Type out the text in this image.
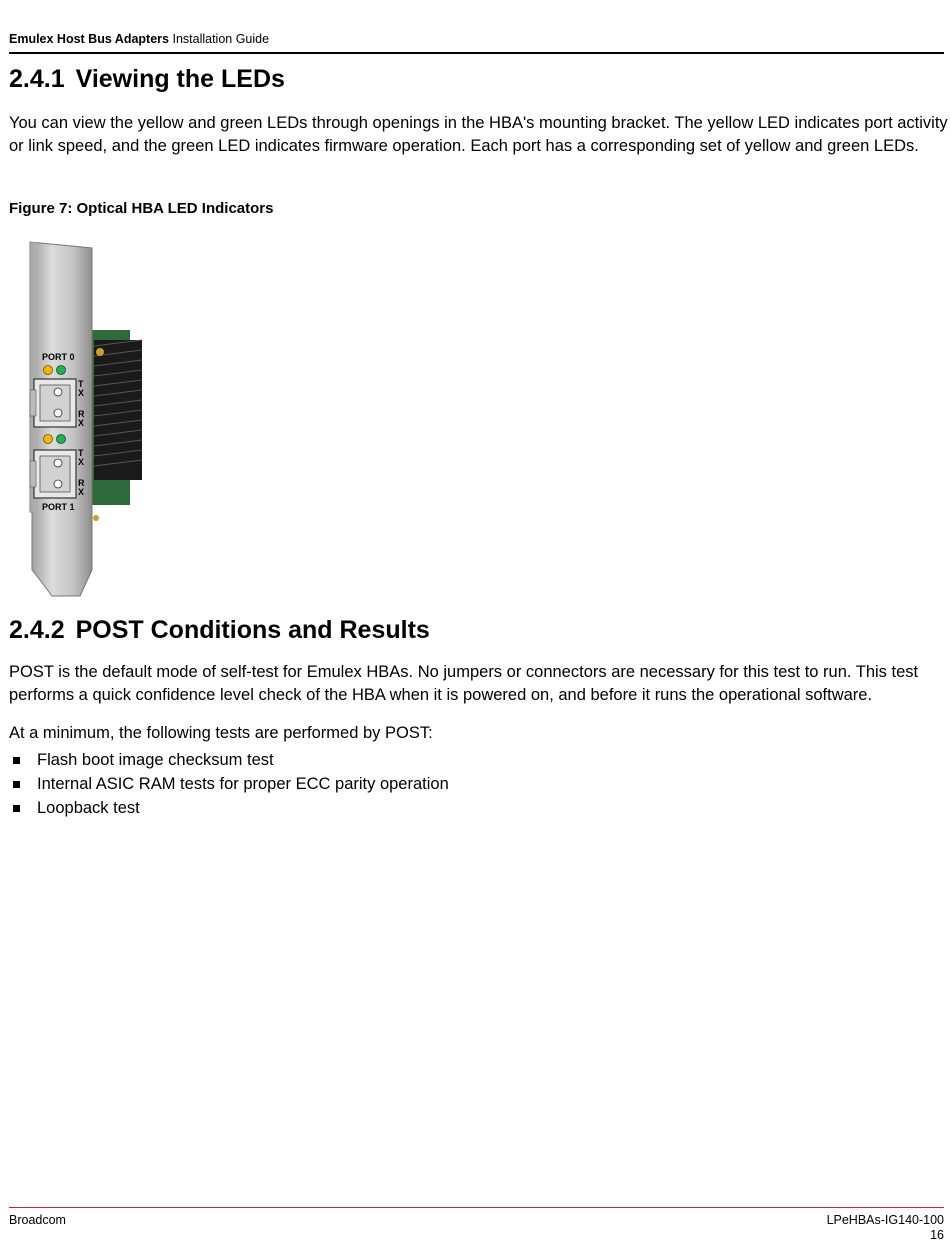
Emulex Host Bus Adapters Installation Guide
2.4.1 Viewing the LEDs

You can view the yellow and green LEDs through openings in the HBA's mounting bracket. The yellow LED indicates port activity or link speed, and the green LED indicates firmware operation. Each port has a corresponding set of yellow and green LEDs.

Figure 7: Optical HBA LED Indicators
PORT 0
T X
R X
T X
R X
PORT 1
2.4.2 POST Conditions and Results

POST is the default mode of self-test for Emulex HBAs. No jumpers or connectors are necessary for this test to run. This test performs a quick confidence level check of the HBA when it is powered on, and before it runs the operational software.

At a minimum, the following tests are performed by POST:

Flash boot image checksum test
Internal ASIC RAM tests for proper ECC parity operation
Loopback test
Broadcom	LPeHBAs-IG140-100
16
